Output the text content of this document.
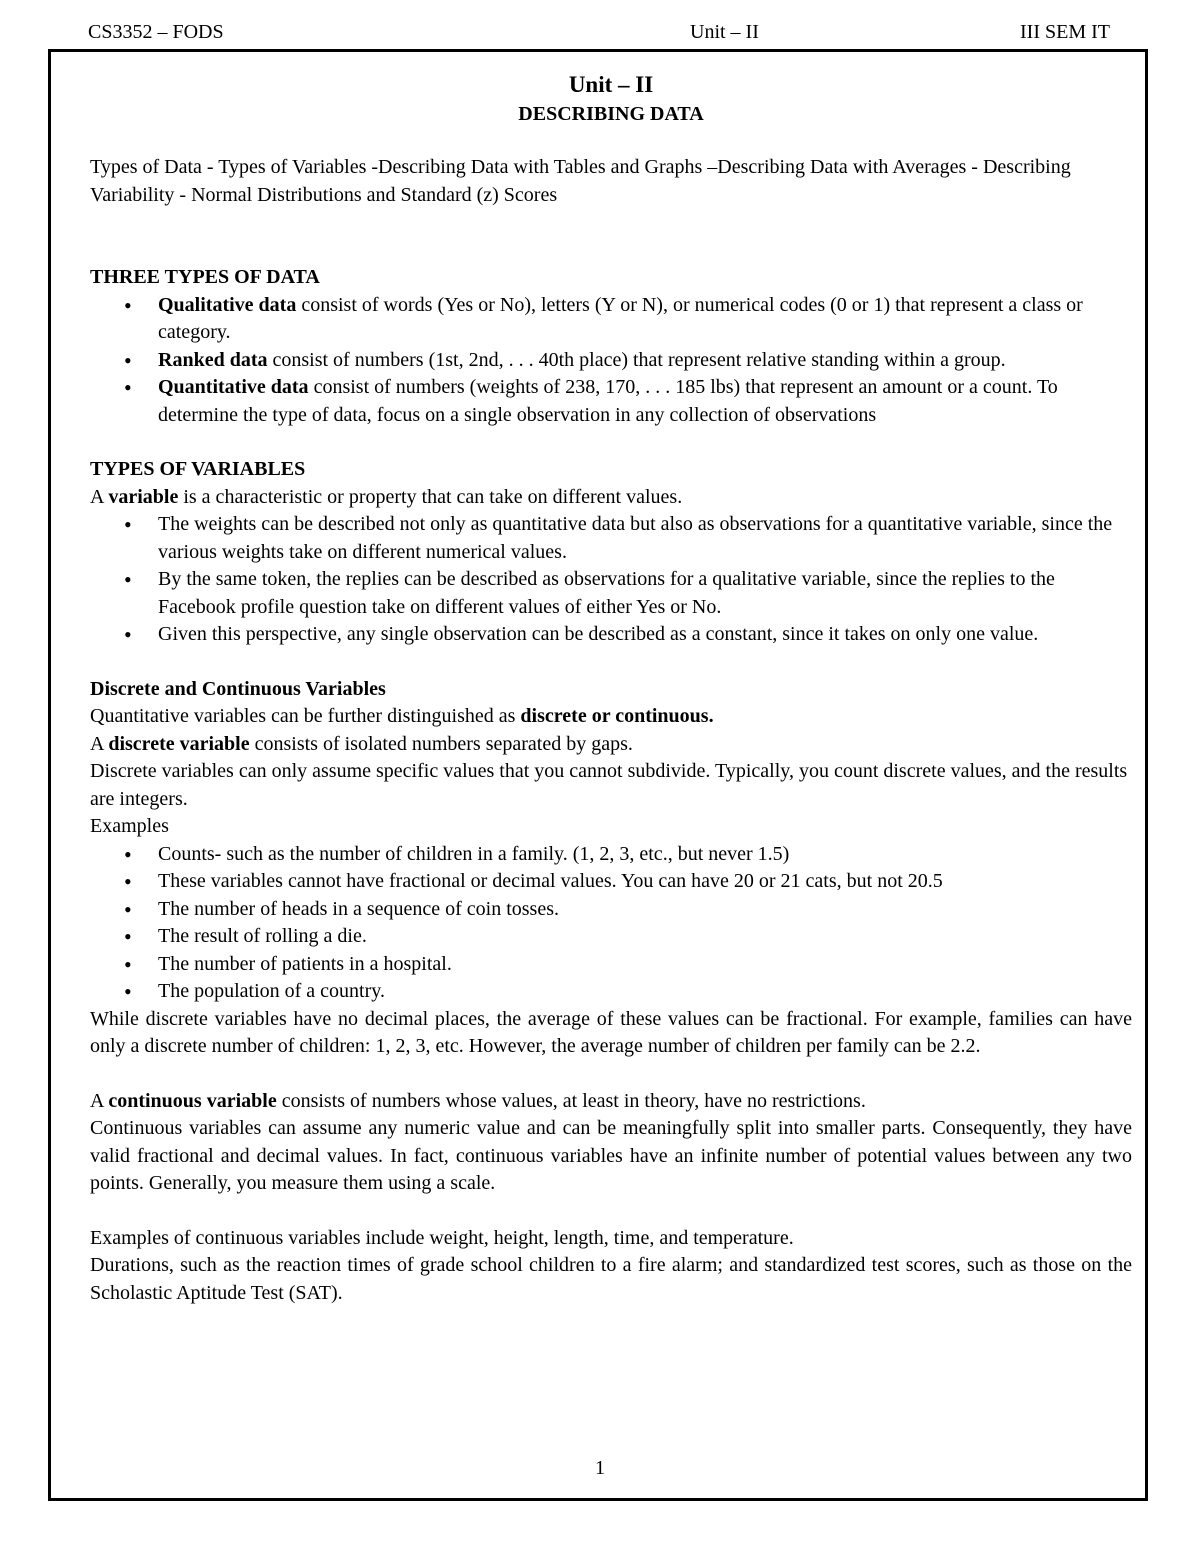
CS3352 – FODS	Unit – II	III SEM IT
Unit – II
DESCRIBING DATA

Types of Data - Types of Variables -Describing Data with Tables and Graphs –Describing Data with Averages - Describing Variability - Normal Distributions and Standard (z) Scores

THREE TYPES OF DATA

• Qualitative data consist of words (Yes or No), letters (Y or N), or numerical codes (0 or 1) that represent a class or category.
• Ranked data consist of numbers (1st, 2nd, . . . 40th place) that represent relative standing within a group.
• Quantitative data consist of numbers (weights of 238, 170, . . . 185 lbs) that represent an amount or a count. To determine the type of data, focus on a single observation in any collection of observations

TYPES OF VARIABLES

A variable is a characteristic or property that can take on different values.

• The weights can be described not only as quantitative data but also as observations for a quantitative variable, since the various weights take on different numerical values.
• By the same token, the replies can be described as observations for a qualitative variable, since the replies to the Facebook profile question take on different values of either Yes or No.
• Given this perspective, any single observation can be described as a constant, since it takes on only one value.

Discrete and Continuous Variables

Quantitative variables can be further distinguished as discrete or continuous.

A discrete variable consists of isolated numbers separated by gaps.

Discrete variables can only assume specific values that you cannot subdivide. Typically, you count discrete values, and the results are integers.

Examples

• Counts- such as the number of children in a family. (1, 2, 3, etc., but never 1.5)
• These variables cannot have fractional or decimal values. You can have 20 or 21 cats, but not 20.5
• The number of heads in a sequence of coin tosses.
• The result of rolling a die.
• The number of patients in a hospital.
• The population of a country.

While discrete variables have no decimal places, the average of these values can be fractional. For example, families can have only a discrete number of children: 1, 2, 3, etc. However, the average number of children per family can be 2.2.

A continuous variable consists of numbers whose values, at least in theory, have no restrictions.

Continuous variables can assume any numeric value and can be meaningfully split into smaller parts. Consequently, they have valid fractional and decimal values. In fact, continuous variables have an infinite number of potential values between any two points. Generally, you measure them using a scale.

Examples of continuous variables include weight, height, length, time, and temperature.

Durations, such as the reaction times of grade school children to a fire alarm; and standardized test scores, such as those on the Scholastic Aptitude Test (SAT).

1
